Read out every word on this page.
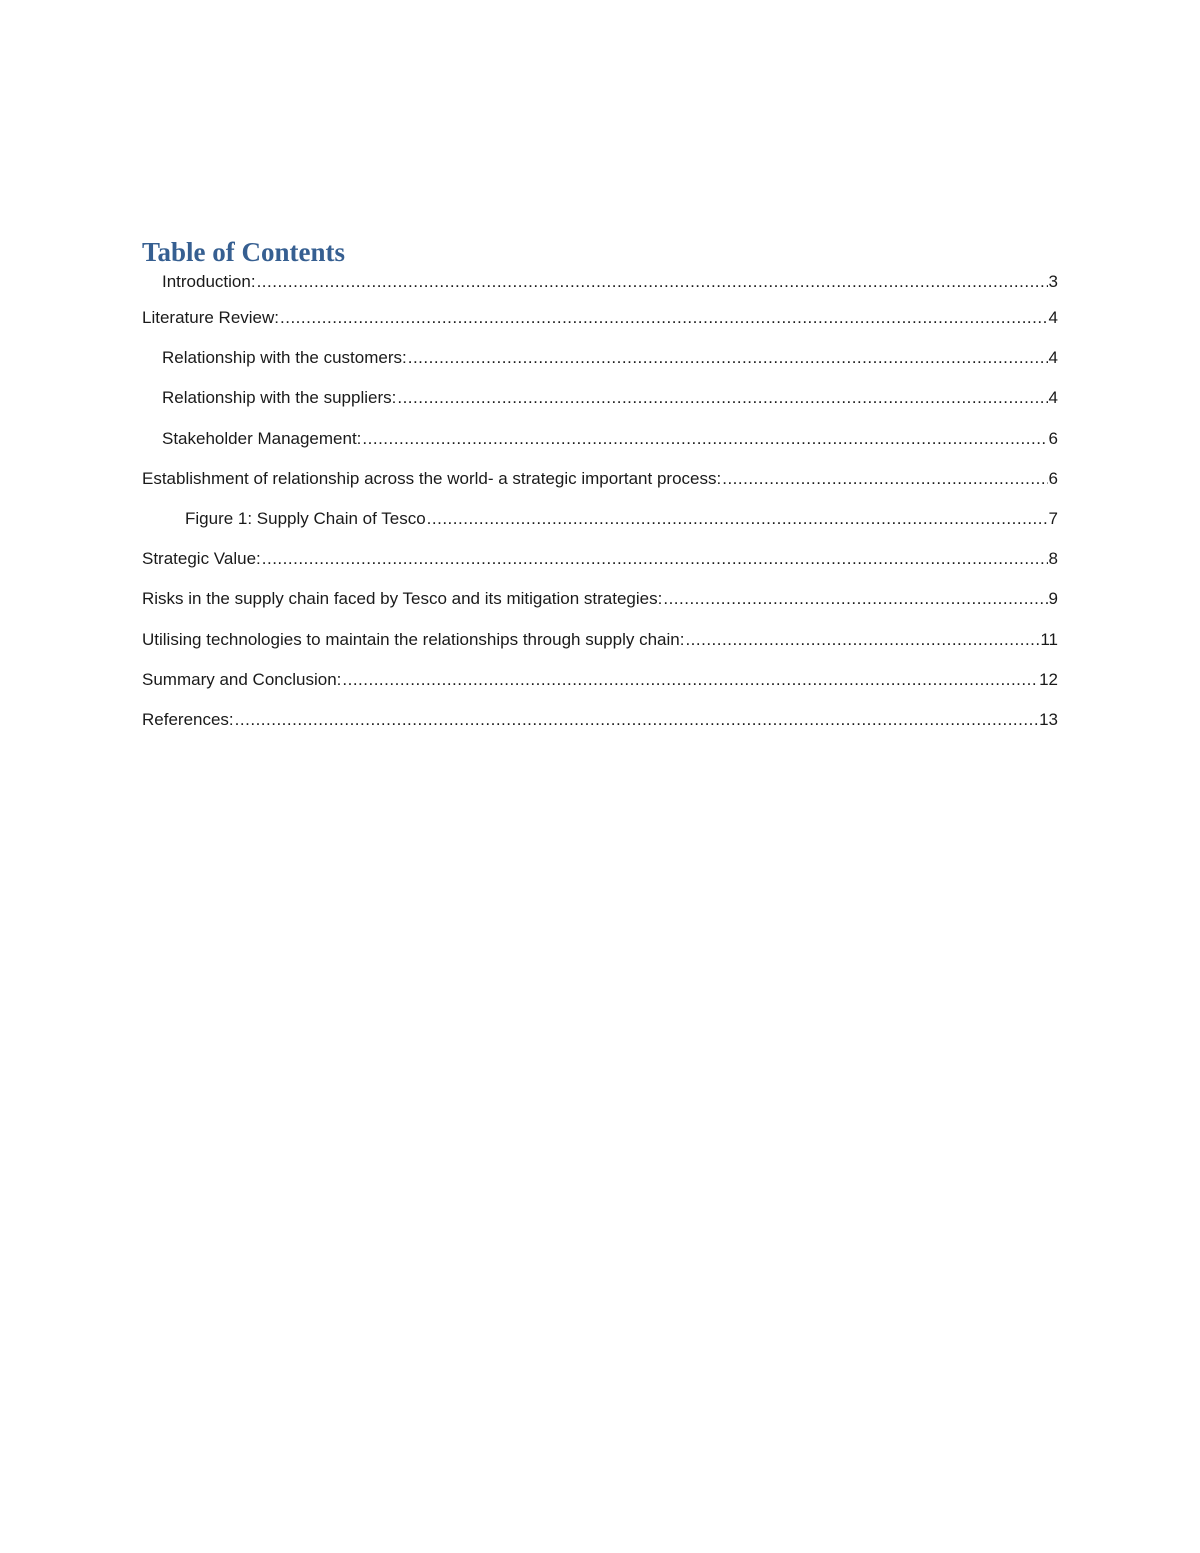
Table of Contents
Introduction: .....	3
Literature Review: .....	4
Relationship with the customers: .....	4
Relationship with the suppliers: .....	4
Stakeholder Management: .....	6
Establishment of relationship across the world- a strategic important process: .....	6
Figure 1: Supply Chain of Tesco .....	7
Strategic Value: .....	8
Risks in the supply chain faced by Tesco and its mitigation strategies: .....	9
Utilising technologies to maintain the relationships through supply chain: .....	11
Summary and Conclusion: .....	12
References: .....	13
